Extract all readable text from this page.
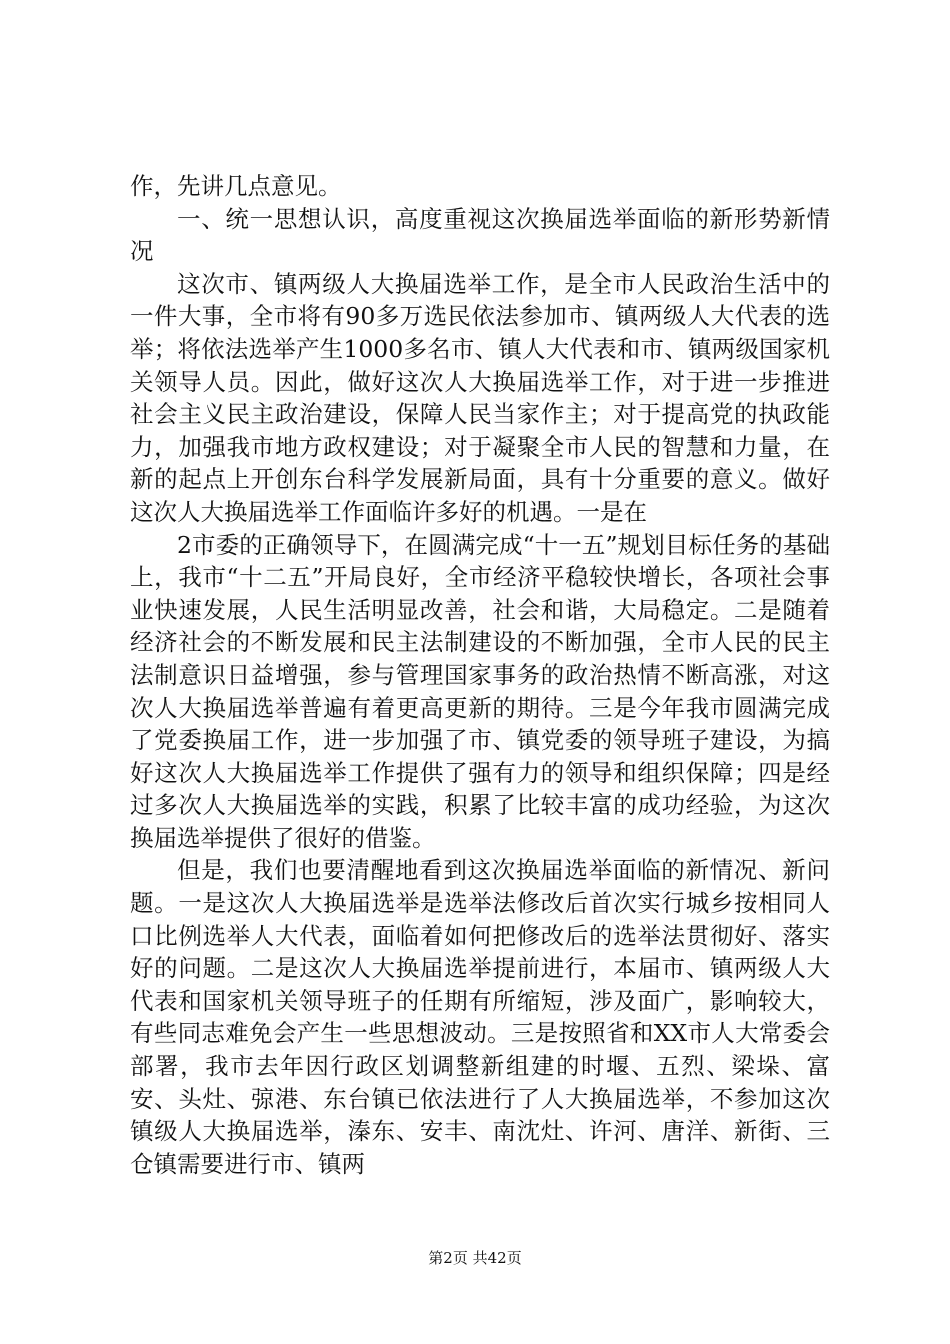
作，先讲几点意见。

一、统一思想认识，高度重视这次换届选举面临的新形势新情况

这次市、镇两级人大换届选举工作，是全市人民政治生活中的一件大事，全市将有90多万选民依法参加市、镇两级人大代表的选举；将依法选举产生1000多名市、镇人大代表和市、镇两级国家机关领导人员。因此，做好这次人大换届选举工作，对于进一步推进社会主义民主政治建设，保障人民当家作主；对于提高党的执政能力，加强我市地方政权建设；对于凝聚全市人民的智慧和力量，在新的起点上开创东台科学发展新局面，具有十分重要的意义。做好这次人大换届选举工作面临许多好的机遇。一是在

2市委的正确领导下，在圆满完成“十一五”规划目标任务的基础上，我市“十二五”开局良好，全市经济平稳较快增长，各项社会事业快速发展，人民生活明显改善，社会和谐，大局稳定。二是随着经济社会的不断发展和民主法制建设的不断加强，全市人民的民主法制意识日益增强，参与管理国家事务的政治热情不断高涨，对这次人大换届选举普遍有着更高更新的期待。三是今年我市圆满完成了党委换届工作，进一步加强了市、镇党委的领导班子建设，为搞好这次人大换届选举工作提供了强有力的领导和组织保障；四是经过多次人大换届选举的实践，积累了比较丰富的成功经验，为这次换届选举提供了很好的借鉴。

但是，我们也要清醒地看到这次换届选举面临的新情况、新问题。一是这次人大换届选举是选举法修改后首次实行城乡按相同人口比例选举人大代表，面临着如何把修改后的选举法贯彻好、落实好的问题。二是这次人大换届选举提前进行，本届市、镇两级人大代表和国家机关领导班子的任期有所缩短，涉及面广，影响较大，有些同志难免会产生一些思想波动。三是按照省和XX市人大常委会部署，我市去年因行政区划调整新组建的时堰、五烈、梁垛、富安、头灶、弶港、东台镇已依法进行了人大换届选举，不参加这次镇级人大换届选举，溱东、安丰、南沈灶、许河、唐洋、新街、三仓镇需要进行市、镇两

第2页 共42页
